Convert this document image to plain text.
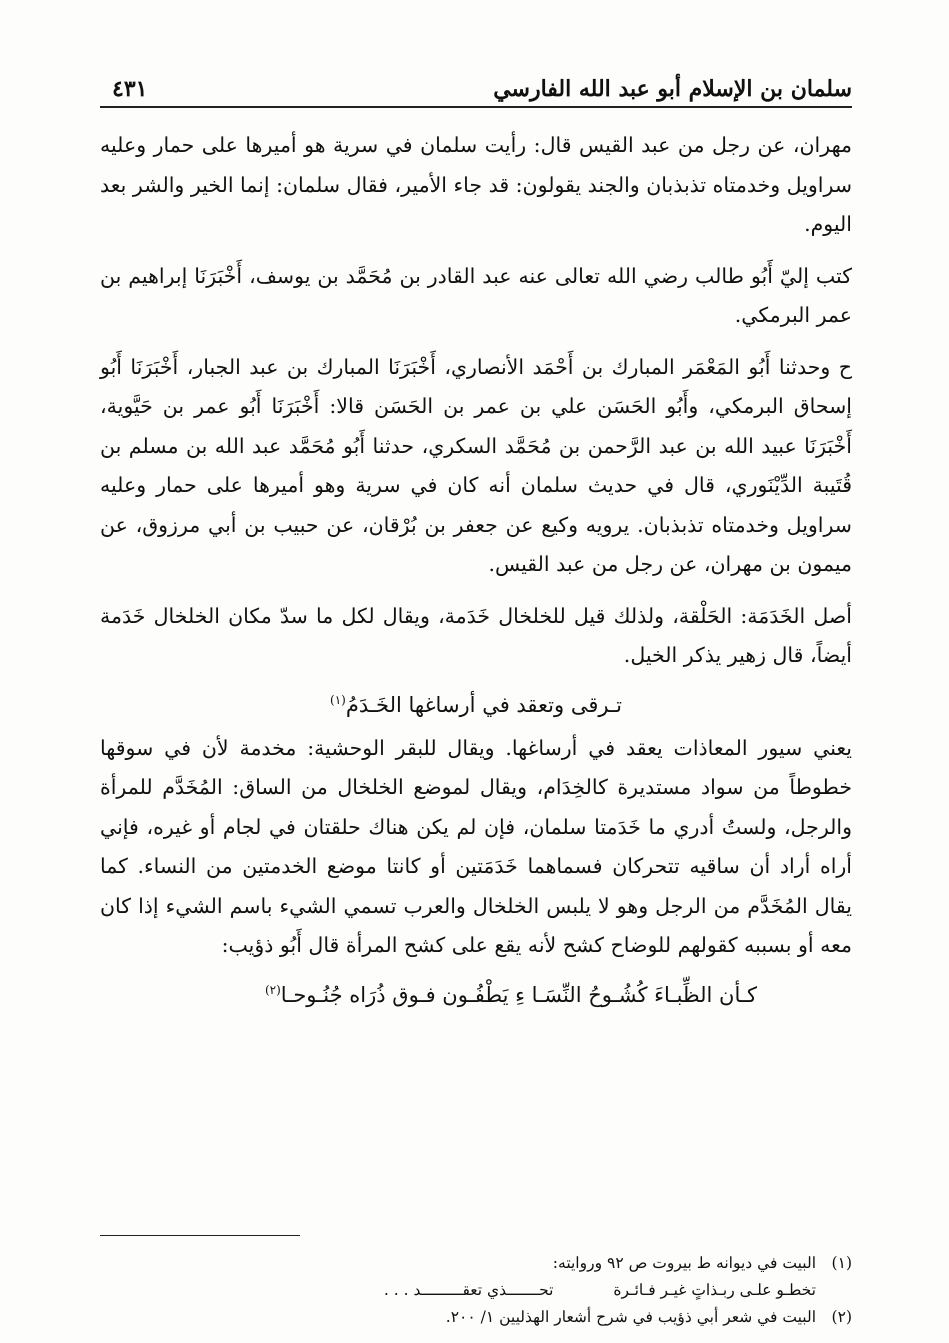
سلمان بن الإسلام أبو عبد الله الفارسي
٤٣١

مهران، عن رجل من عبد القيس قال: رأيت سلمان في سرية هو أميرها على حمار وعليه سراويل وخدمتاه تذبذبان والجند يقولون: قد جاء الأمير، فقال سلمان: إنما الخير والشر بعد اليوم.

كتب إليّ أَبُو طالب رضي الله تعالى عنه عبد القادر بن مُحَمَّد بن يوسف، أَخْبَرَنَا إبراهيم بن عمر البرمكي.

ح وحدثنا أَبُو المَعْمَر المبارك بن أَحْمَد الأنصاري، أَخْبَرَنَا المبارك بن عبد الجبار، أَخْبَرَنَا أَبُو إسحاق البرمكي، وأَبُو الحَسَن علي بن عمر بن الحَسَن قالا: أَخْبَرَنَا أَبُو عمر بن حَيَّوية، أَخْبَرَنَا عبيد الله بن عبد الرَّحمن بن مُحَمَّد السكري، حدثنا أَبُو مُحَمَّد عبد الله بن مسلم بن قُتَيبة الدِّيْنَوري، قال في حديث سلمان أنه كان في سرية وهو أميرها على حمار وعليه سراويل وخدمتاه تذبذبان. يرويه وكيع عن جعفر بن بُرْقان، عن حبيب بن أبي مرزوق، عن ميمون بن مهران، عن رجل من عبد القيس.

أصل الخَدَمَة: الحَلْقة، ولذلك قيل للخلخال خَدَمة، ويقال لكل ما سدّ مكان الخلخال خَدَمة أيضاً، قال زهير يذكر الخيل.

تـرقى وتعقد في أرساغها الخَـدَمُ$^{(١)}$

يعني سيور المعاذات يعقد في أرساغها. ويقال للبقر الوحشية: مخدمة لأن في سوقها خطوطاً من سواد مستديرة كالخِدَام، ويقال لموضع الخلخال من الساق: المُخَدَّم للمرأة والرجل، ولستُ أدري ما خَدَمتا سلمان، فإن لم يكن هناك حلقتان في لجام أو غيره، فإني أراه أراد أن ساقيه تتحركان فسماهما خَدَمَتين أو كانتا موضع الخدمتين من النساء. كما يقال المُخَدَّم من الرجل وهو لا يلبس الخلخال والعرب تسمي الشيء باسم الشيء إذا كان معه أو بسببه كقولهم للوضاح كشح لأنه يقع على كشح المرأة قال أَبُو ذؤيب:

كـأن الظِّبـاءَ كُشُـوحُ النِّسَـا ءِ يَطْفُـون فـوق ذُرَاه جُنُـوحـا$^{(٢)}$

(١)البيت في ديوانه ط بيروت ص ٩٢ وروايته:

تخطـو علـى ربـذاتٍ غيـر فـائـرة
تحـــــــذي تعقـــــــــد . . .

(٢)البيت في شعر أبي ذؤيب في شرح أشعار الهذليين ١/ ٢٠٠.
